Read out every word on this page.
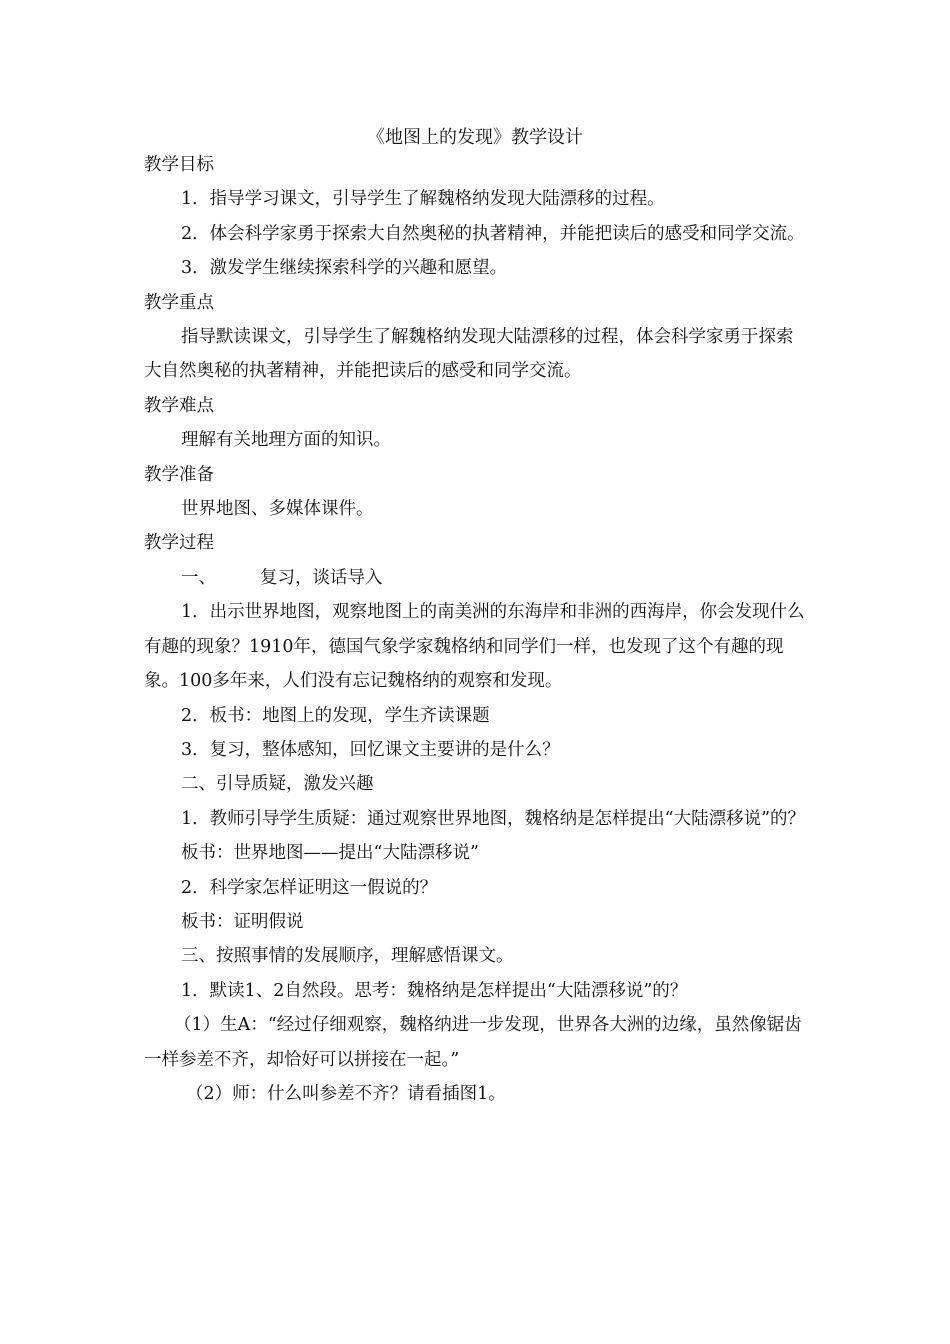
《地图上的发现》教学设计

教学目标

1．指导学习课文，引导学生了解魏格纳发现大陆漂移的过程。

2．体会科学家勇于探索大自然奥秘的执著精神，并能把读后的感受和同学交流。

3．激发学生继续探索科学的兴趣和愿望。

教学重点

指导默读课文，引导学生了解魏格纳发现大陆漂移的过程，体会科学家勇于探索大自然奥秘的执著精神，并能把读后的感受和同学交流。

教学难点

理解有关地理方面的知识。

教学准备

世界地图、多媒体课件。

教学过程

一、	复习，谈话导入

1．出示世界地图，观察地图上的南美洲的东海岸和非洲的西海岸，你会发现什么有趣的现象？1910年，德国气象学家魏格纳和同学们一样，也发现了这个有趣的现象。100多年来，人们没有忘记魏格纳的观察和发现。

2．板书：地图上的发现，学生齐读课题

3．复习，整体感知，回忆课文主要讲的是什么？

二、引导质疑，激发兴趣

1．教师引导学生质疑：通过观察世界地图，魏格纳是怎样提出“大陆漂移说”的？

板书：世界地图——提出“大陆漂移说”

2．科学家怎样证明这一假说的？

板书：证明假说

三、按照事情的发展顺序，理解感悟课文。

1．默读1、2自然段。思考：魏格纳是怎样提出“大陆漂移说”的？

（1）生A：“经过仔细观察，魏格纳进一步发现，世界各大洲的边缘，虽然像锯齿一样参差不齐，却恰好可以拼接在一起。”

（2）师：什么叫参差不齐？请看插图1。
